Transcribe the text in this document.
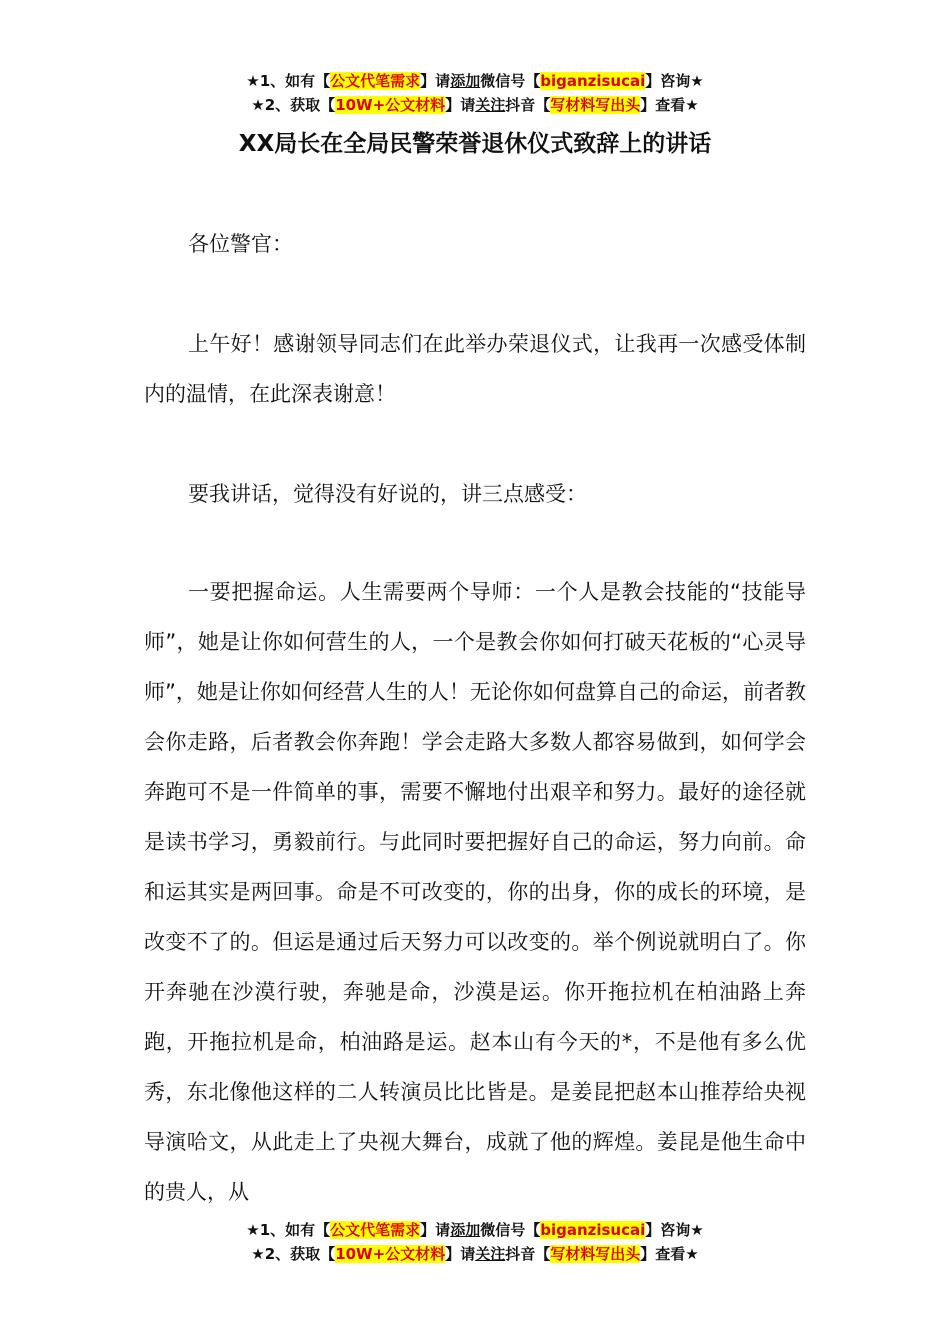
★1、如有【公文代笔需求】请添加微信号【biganzisucai】咨询★
★2、获取【10W+公文材料】请关注抖音【写材料写出头】查看★
XX局长在全局民警荣誉退休仪式致辞上的讲话

各位警官：

上午好！感谢领导同志们在此举办荣退仪式，让我再一次感受体制内的温情，在此深表谢意！

要我讲话，觉得没有好说的，讲三点感受：

一要把握命运。人生需要两个导师：一个人是教会技能的“技能导师”，她是让你如何营生的人，一个是教会你如何打破天花板的“心灵导师”，她是让你如何经营人生的人！无论你如何盘算自己的命运，前者教会你走路，后者教会你奔跑！学会走路大多数人都容易做到，如何学会奔跑可不是一件简单的事，需要不懈地付出艰辛和努力。最好的途径就是读书学习，勇毅前行。与此同时要把握好自己的命运，努力向前。命和运其实是两回事。命是不可改变的，你的出身，你的成长的环境，是改变不了的。但运是通过后天努力可以改变的。举个例说就明白了。你开奔驰在沙漠行驶，奔驰是命，沙漠是运。你开拖拉机在柏油路上奔跑，开拖拉机是命，柏油路是运。赵本山有今天的*，不是他有多么优秀，东北像他这样的二人转演员比比皆是。是姜昆把赵本山推荐给央视导演哈文，从此走上了央视大舞台，成就了他的辉煌。姜昆是他生命中的贵人，从

★1、如有【公文代笔需求】请添加微信号【biganzisucai】咨询★
★2、获取【10W+公文材料】请关注抖音【写材料写出头】查看★
